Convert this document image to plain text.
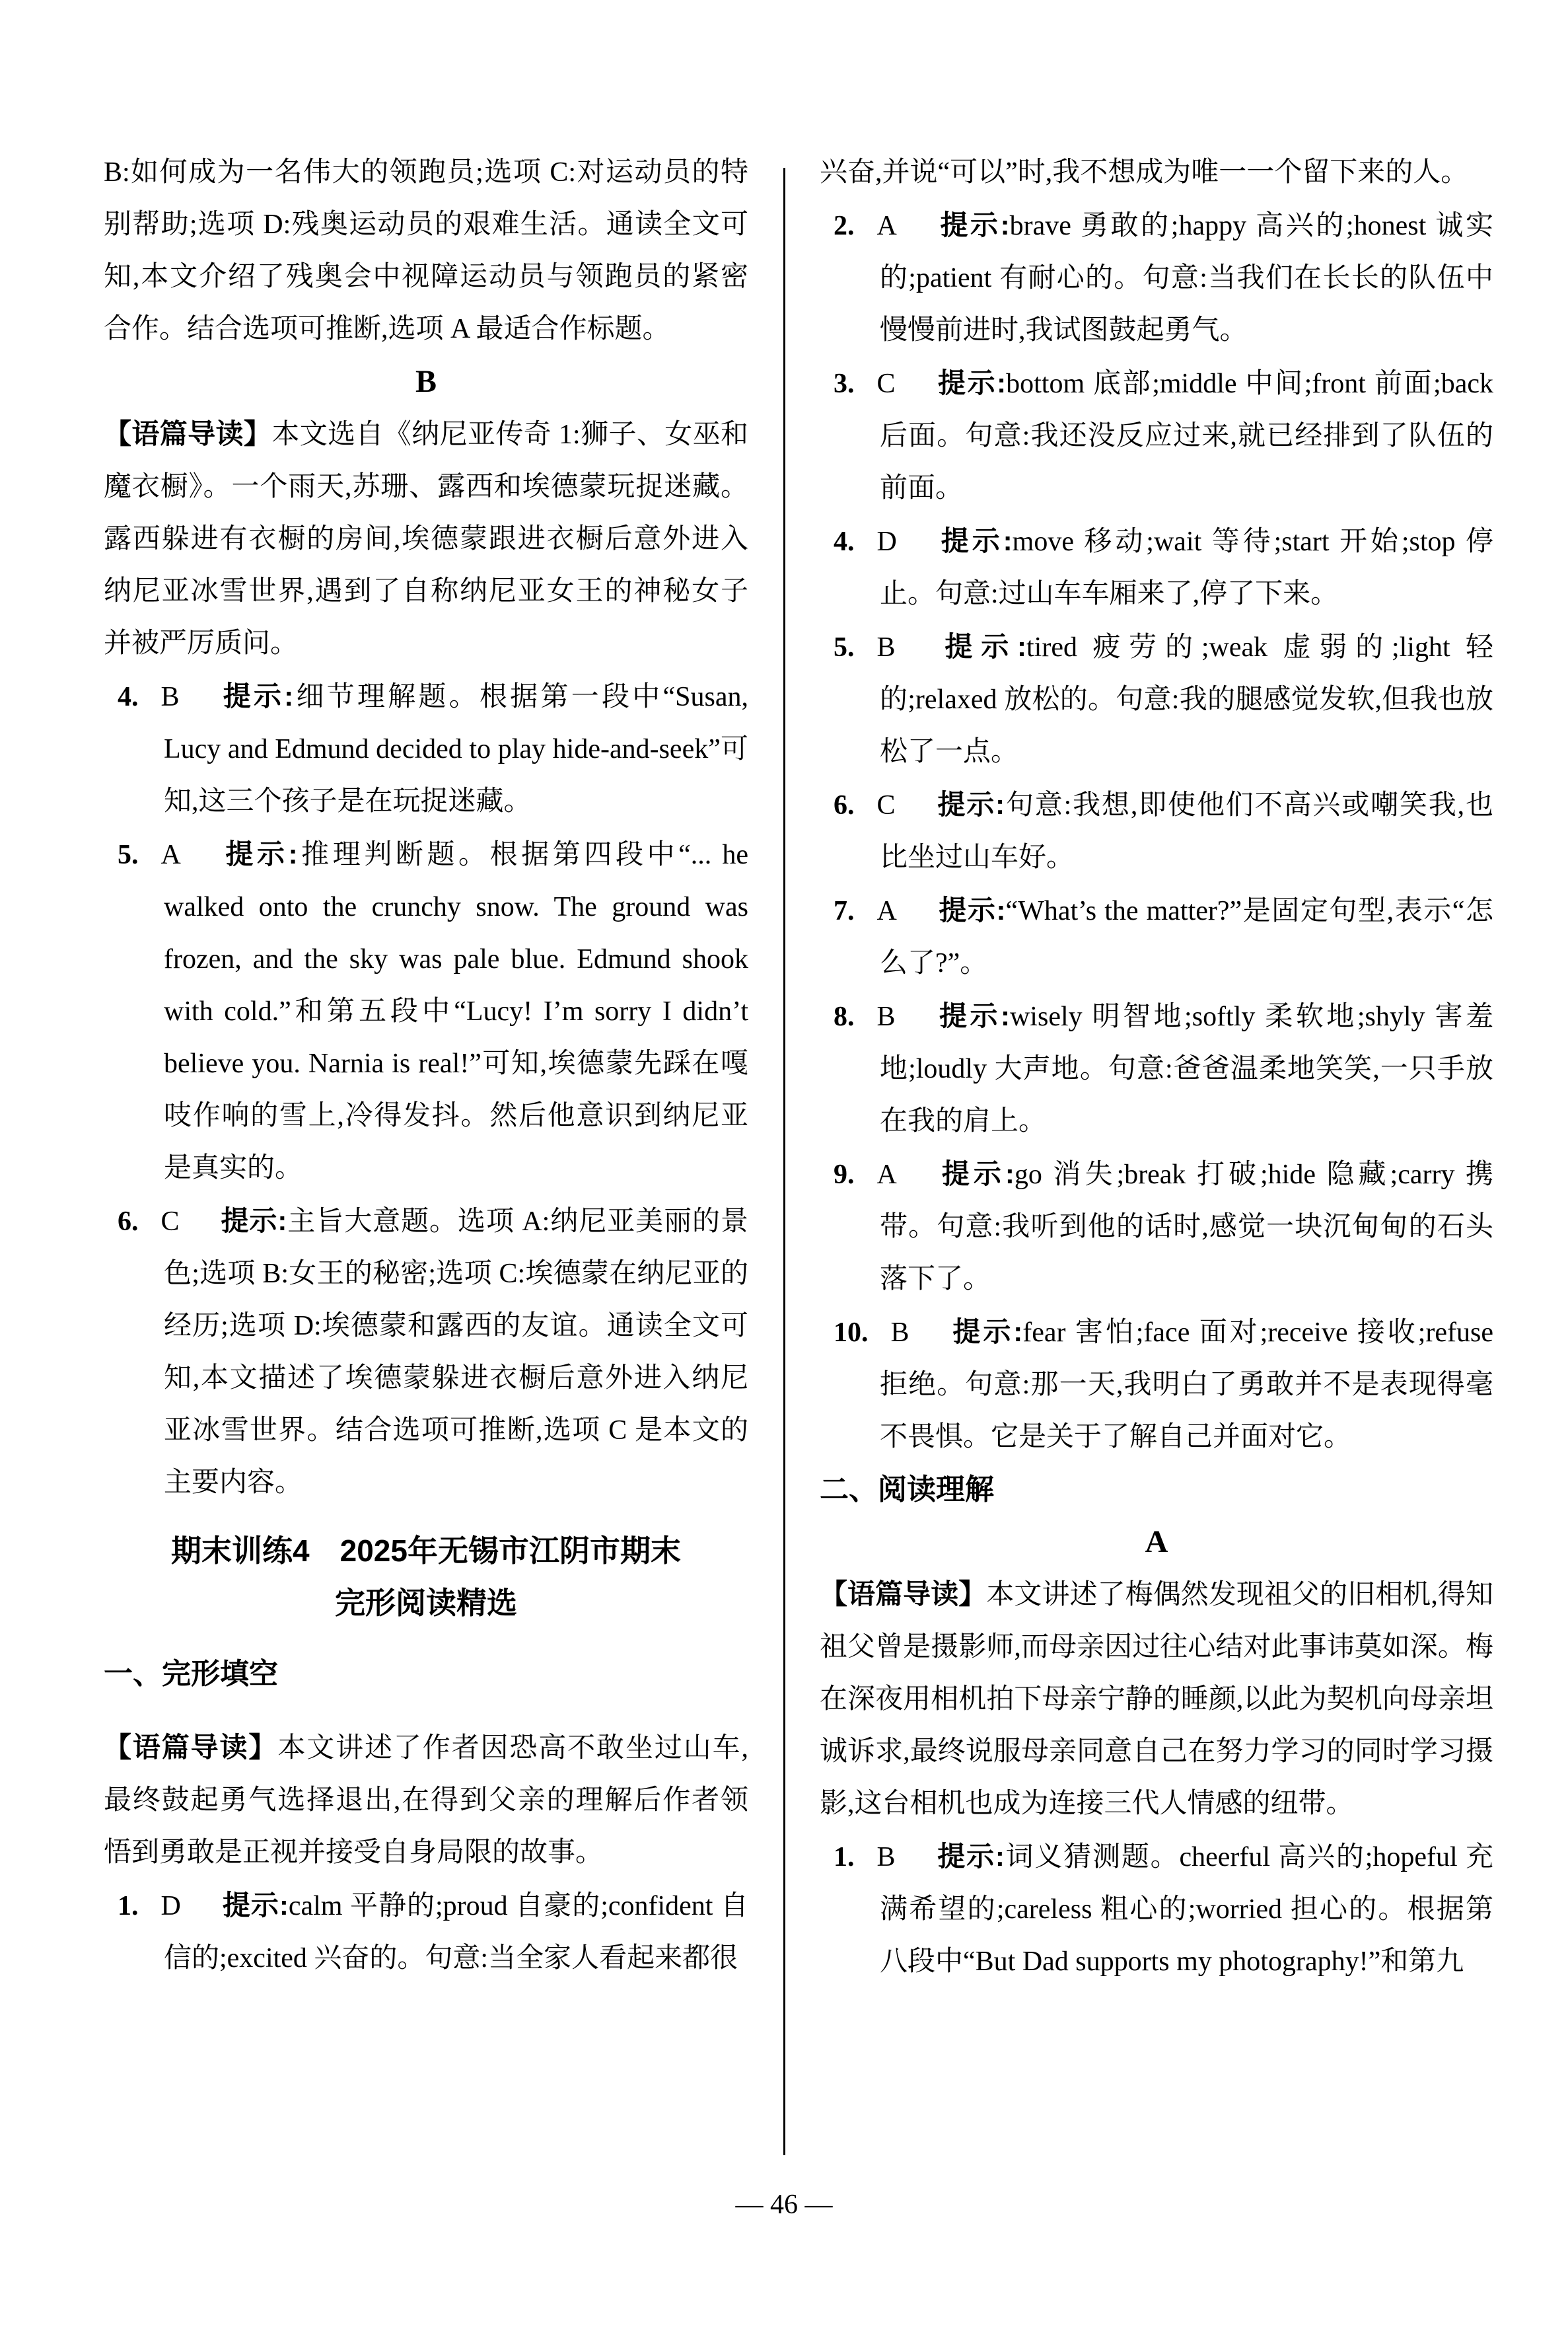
B:如何成为一名伟大的领跑员;选项 C:对运动员的特别帮助;选项 D:残奥运动员的艰难生活。通读全文可知,本文介绍了残奥会中视障运动员与领跑员的紧密合作。结合选项可推断,选项 A 最适合作标题。

B

【语篇导读】本文选自《纳尼亚传奇 1:狮子、女巫和魔衣橱》。一个雨天,苏珊、露西和埃德蒙玩捉迷藏。露西躲进有衣橱的房间,埃德蒙跟进衣橱后意外进入纳尼亚冰雪世界,遇到了自称纳尼亚女王的神秘女子并被严厉质问。

4. B 提示:细节理解题。根据第一段中“Susan, Lucy and Edmund decided to play hide-and-seek”可知,这三个孩子是在玩捉迷藏。

5. A 提示:推理判断题。根据第四段中“... he walked onto the crunchy snow. The ground was frozen, and the sky was pale blue. Edmund shook with cold.”和第五段中“Lucy! I’m sorry I didn’t believe you. Narnia is real!”可知,埃德蒙先踩在嘎吱作响的雪上,冷得发抖。然后他意识到纳尼亚是真实的。

6. C 提示:主旨大意题。选项 A:纳尼亚美丽的景色;选项 B:女王的秘密;选项 C:埃德蒙在纳尼亚的经历;选项 D:埃德蒙和露西的友谊。通读全文可知,本文描述了埃德蒙躲进衣橱后意外进入纳尼亚冰雪世界。结合选项可推断,选项 C 是本文的主要内容。

期末训练4　2025年无锡市江阴市期末

完形阅读精选

一、完形填空

【语篇导读】本文讲述了作者因恐高不敢坐过山车,最终鼓起勇气选择退出,在得到父亲的理解后作者领悟到勇敢是正视并接受自身局限的故事。

1. D 提示:calm 平静的;proud 自豪的;confident 自信的;excited 兴奋的。句意:当全家人看起来都很

兴奋,并说“可以”时,我不想成为唯一一个留下来的人。

2. A 提示:brave 勇敢的;happy 高兴的;honest 诚实的;patient 有耐心的。句意:当我们在长长的队伍中慢慢前进时,我试图鼓起勇气。

3. C 提示:bottom 底部;middle 中间;front 前面;back 后面。句意:我还没反应过来,就已经排到了队伍的前面。

4. D 提示:move 移动;wait 等待;start 开始;stop 停止。句意:过山车车厢来了,停了下来。

5. B 提示:tired 疲劳的;weak 虚弱的;light 轻的;relaxed 放松的。句意:我的腿感觉发软,但我也放松了一点。

6. C 提示:句意:我想,即使他们不高兴或嘲笑我,也比坐过山车好。

7. A 提示:“What’s the matter?”是固定句型,表示“怎么了?”。

8. B 提示:wisely 明智地;softly 柔软地;shyly 害羞地;loudly 大声地。句意:爸爸温柔地笑笑,一只手放在我的肩上。

9. A 提示:go 消失;break 打破;hide 隐藏;carry 携带。句意:我听到他的话时,感觉一块沉甸甸的石头落下了。

10. B 提示:fear 害怕;face 面对;receive 接收;refuse 拒绝。句意:那一天,我明白了勇敢并不是表现得毫不畏惧。它是关于了解自己并面对它。

二、阅读理解

A

【语篇导读】本文讲述了梅偶然发现祖父的旧相机,得知祖父曾是摄影师,而母亲因过往心结对此事讳莫如深。梅在深夜用相机拍下母亲宁静的睡颜,以此为契机向母亲坦诚诉求,最终说服母亲同意自己在努力学习的同时学习摄影,这台相机也成为连接三代人情感的纽带。

1. B 提示:词义猜测题。cheerful 高兴的;hopeful 充满希望的;careless 粗心的;worried 担心的。根据第八段中“But Dad supports my photography!”和第九

— 46 —
